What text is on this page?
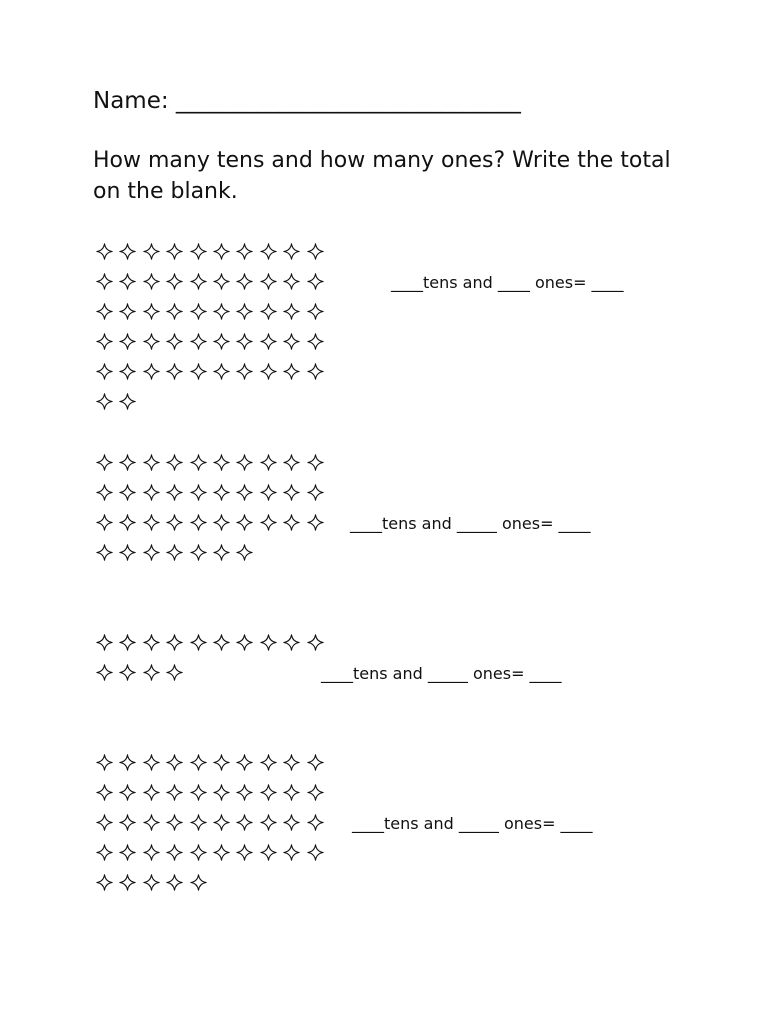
Name: ______________________________
How many tens and how many ones? Write the total on the blank.
____tens and ____ ones= ____
____tens and _____ ones= ____
____tens and _____ ones= ____
____tens and _____ ones= ____
